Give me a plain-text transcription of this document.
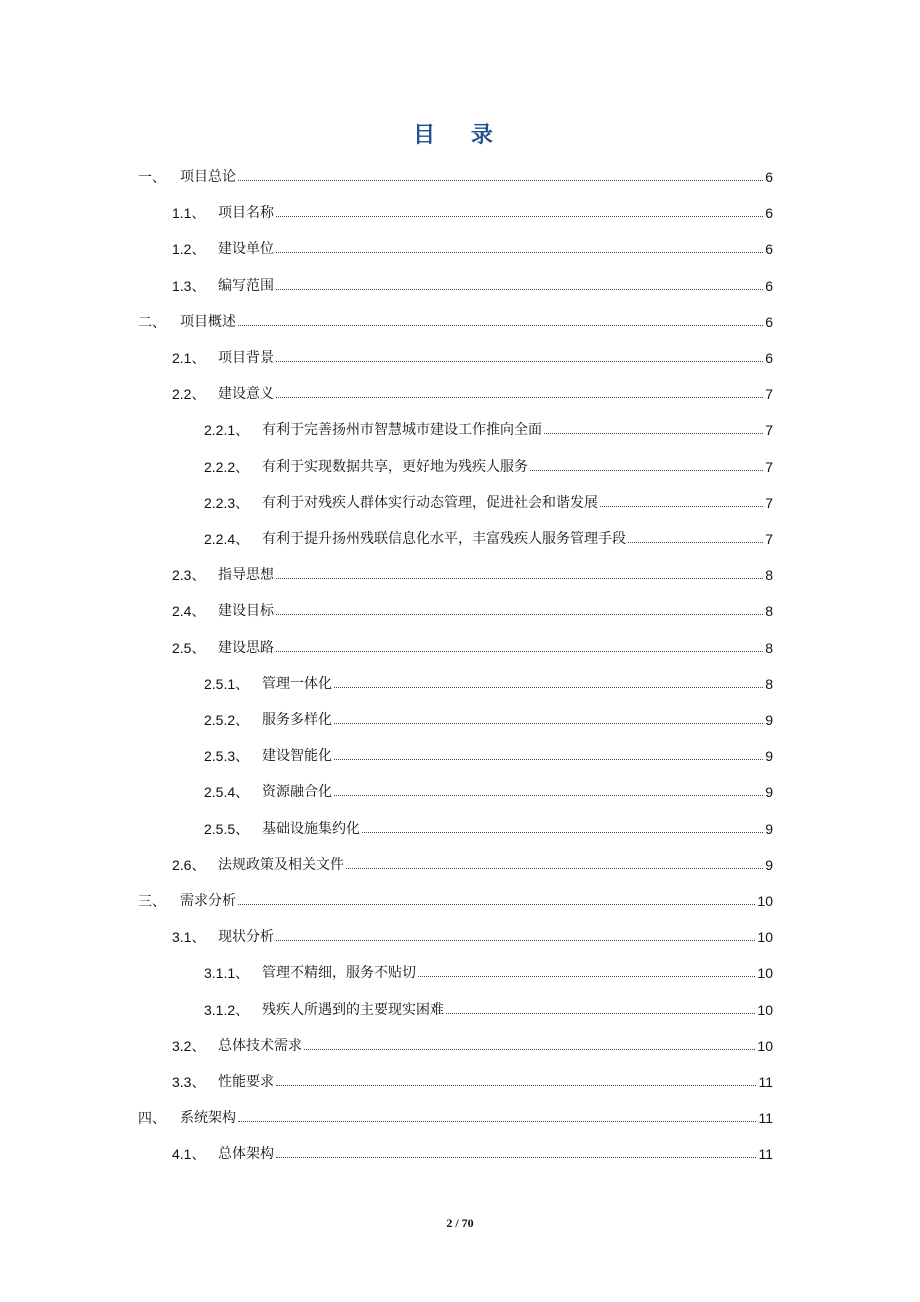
目 录
一、	项目总论	6
1.1、 项目名称	6
1.2、 建设单位	6
1.3、 编写范围	6
二、	项目概述	6
2.1、 项目背景	6
2.2、 建设意义	7
2.2.1、 有利于完善扬州市智慧城市建设工作推向全面	7
2.2.2、 有利于实现数据共享，更好地为残疾人服务	7
2.2.3、 有利于对残疾人群体实行动态管理，促进社会和谐发展	7
2.2.4、 有利于提升扬州残联信息化水平，丰富残疾人服务管理手段	7
2.3、 指导思想	8
2.4、 建设目标	8
2.5、 建设思路	8
2.5.1、 管理一体化	8
2.5.2、 服务多样化	9
2.5.3、 建设智能化	9
2.5.4、 资源融合化	9
2.5.5、 基础设施集约化	9
2.6、 法规政策及相关文件	9
三、	需求分析	10
3.1、 现状分析	10
3.1.1、 管理不精细，服务不贴切	10
3.1.2、 残疾人所遇到的主要现实困难	10
3.2、 总体技术需求	10
3.3、 性能要求	11
四、	系统架构	11
4.1、 总体架构	11
2 / 70
